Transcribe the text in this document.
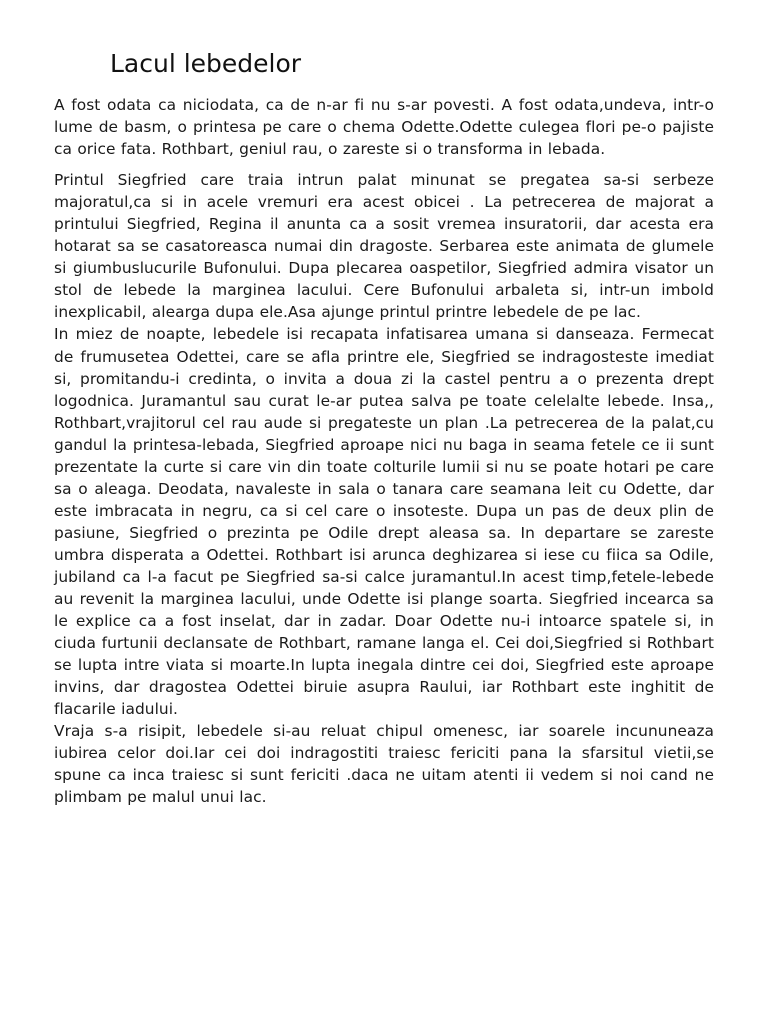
Lacul lebedelor

A fost odata ca niciodata, ca de n-ar fi nu s-ar povesti. A fost odata,undeva, intr-o lume de basm, o printesa pe care o chema Odette.Odette culegea flori pe-o pajiste ca orice fata. Rothbart, geniul rau, o zareste si o transforma in lebada.

Printul Siegfried care traia intrun palat minunat se pregatea sa-si serbeze majoratul,ca si in acele vremuri era acest obicei . La petrecerea de majorat a printului Siegfried, Regina il anunta ca a sosit vremea insuratorii, dar acesta era hotarat sa se casatoreasca numai din dragoste. Serbarea este animata de glumele si giumbuslucurile Bufonului. Dupa plecarea oaspetilor, Siegfried admira visator un stol de lebede la marginea lacului. Cere Bufonului arbaleta si, intr-un imbold inexplicabil, alearga dupa ele.Asa ajunge printul printre lebedele de pe lac.

In miez de noapte, lebedele isi recapata infatisarea umana si danseaza. Fermecat de frumusetea Odettei, care se afla printre ele, Siegfried se indragosteste imediat si, promitandu-i credinta, o invita a doua zi la castel pentru a o prezenta drept logodnica. Juramantul sau curat le-ar putea salva pe toate celelalte lebede. Insa,, Rothbart,vrajitorul cel rau aude si pregateste un plan .La petrecerea de la palat,cu gandul la printesa-lebada, Siegfried aproape nici nu baga in seama fetele ce ii sunt prezentate la curte si care vin din toate colturile lumii si nu se poate hotari pe care sa o aleaga. Deodata, navaleste in sala o tanara care seamana leit cu Odette, dar este imbracata in negru, ca si cel care o insoteste. Dupa un pas de deux plin de pasiune, Siegfried o prezinta pe Odile drept aleasa sa. In departare se zareste umbra disperata a Odettei. Rothbart isi arunca deghizarea si iese cu fiica sa Odile, jubiland ca l-a facut pe Siegfried sa-si calce juramantul.In acest timp,fetele-lebede au revenit la marginea lacului, unde Odette isi plange soarta. Siegfried incearca sa le explice ca a fost inselat, dar in zadar. Doar Odette nu-i intoarce spatele si, in ciuda furtunii declansate de Rothbart, ramane langa el. Cei doi,Siegfried si Rothbart se lupta intre viata si moarte.In lupta inegala dintre cei doi, Siegfried este aproape invins, dar dragostea Odettei biruie asupra Raului, iar Rothbart este inghitit de flacarile iadului.

Vraja s-a risipit, lebedele si-au reluat chipul omenesc, iar soarele incununeaza iubirea celor doi.Iar cei doi indragostiti traiesc fericiti pana la sfarsitul vietii,se spune ca inca traiesc si sunt fericiti .daca ne uitam atenti ii vedem si noi cand ne plimbam pe malul unui lac.
